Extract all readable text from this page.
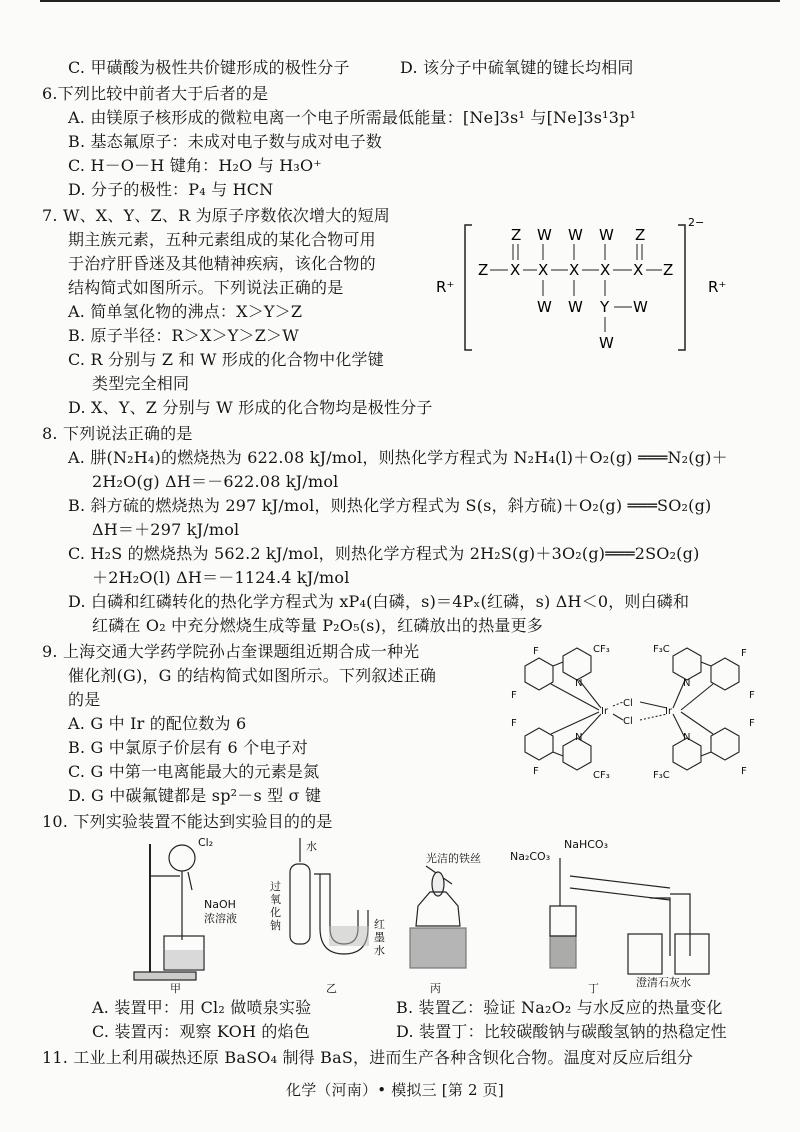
C. 甲磺酸为极性共价键形成的极性分子	D. 该分子中硫氧键的键长均相同
6.下列比较中前者大于后者的是
A. 由镁原子核形成的微粒电离一个电子所需最低能量：[Ne]3s¹ 与[Ne]3s¹3p¹
B. 基态氟原子：未成对电子数与成对电子数
C. H－O－H 键角：H₂O 与 H₃O⁺
D. 分子的极性：P₄ 与 HCN
7. W、X、Y、Z、R 为原子序数依次增大的短周
期主族元素，五种元素组成的某化合物可用
于治疗肝昏迷及其他精神疾病，该化合物的
结构简式如图所示。下列说法正确的是
A. 简单氢化物的沸点：X＞Y＞Z
B. 原子半径：R＞X＞Y＞Z＞W
C. R 分别与 Z 和 W 形成的化合物中化学键
类型完全相同
D. X、Y、Z 分别与 W 形成的化合物均是极性分子
R⁺	R⁺
2−
Z W W W Z
Z X X X X X Z
W W Y W
W
8. 下列说法正确的是
A. 肼(N₂H₄)的燃烧热为 622.08 kJ/mol，则热化学方程式为 N₂H₄(l)＋O₂(g) ═══N₂(g)＋
2H₂O(g) ΔH＝－622.08 kJ/mol
B. 斜方硫的燃烧热为 297 kJ/mol，则热化学方程式为 S(s，斜方硫)＋O₂(g) ═══SO₂(g)
ΔH＝＋297 kJ/mol
C. H₂S 的燃烧热为 562.2 kJ/mol，则热化学方程式为 2H₂S(g)＋3O₂(g)═══2SO₂(g)
＋2H₂O(l) ΔH＝－1124.4 kJ/mol
D. 白磷和红磷转化的热化学方程式为 xP₄(白磷，s)＝4Pₓ(红磷，s) ΔH＜0，则白磷和
红磷在 O₂ 中充分燃烧生成等量 P₂O₅(s)，红磷放出的热量更多
9. 上海交通大学药学院孙占奎课题组近期合成一种光
催化剂(G)，G 的结构简式如图所示。下列叙述正确
的是
A. G 中 Ir 的配位数为 6
B. G 中氯原子价层有 6 个电子对
C. G 中第一电离能最大的元素是氮
D. G 中碳氟键都是 sp²－s 型 σ 键
Ir	Ir
Cl
Cl
N
N
N
N
F
F
F
F
F
F
F
F
CF₃	F₃C
CF₃	F₃C
10. 下列实验装置不能达到实验目的的是
Cl₂
NaOH
浓溶液
甲
水
过
氧
化
钠	红
墨
水
乙
光洁的铁丝
丙
NaHCO₃
Na₂CO₃
澄清石灰水
丁
A. 装置甲：用 Cl₂ 做喷泉实验	B. 装置乙：验证 Na₂O₂ 与水反应的热量变化
C. 装置丙：观察 KOH 的焰色	D. 装置丁：比较碳酸钠与碳酸氢钠的热稳定性
11. 工业上利用碳热还原 BaSO₄ 制得 BaS，进而生产各种含钡化合物。温度对反应后组分
化学（河南）• 模拟三 [第 2 页]
